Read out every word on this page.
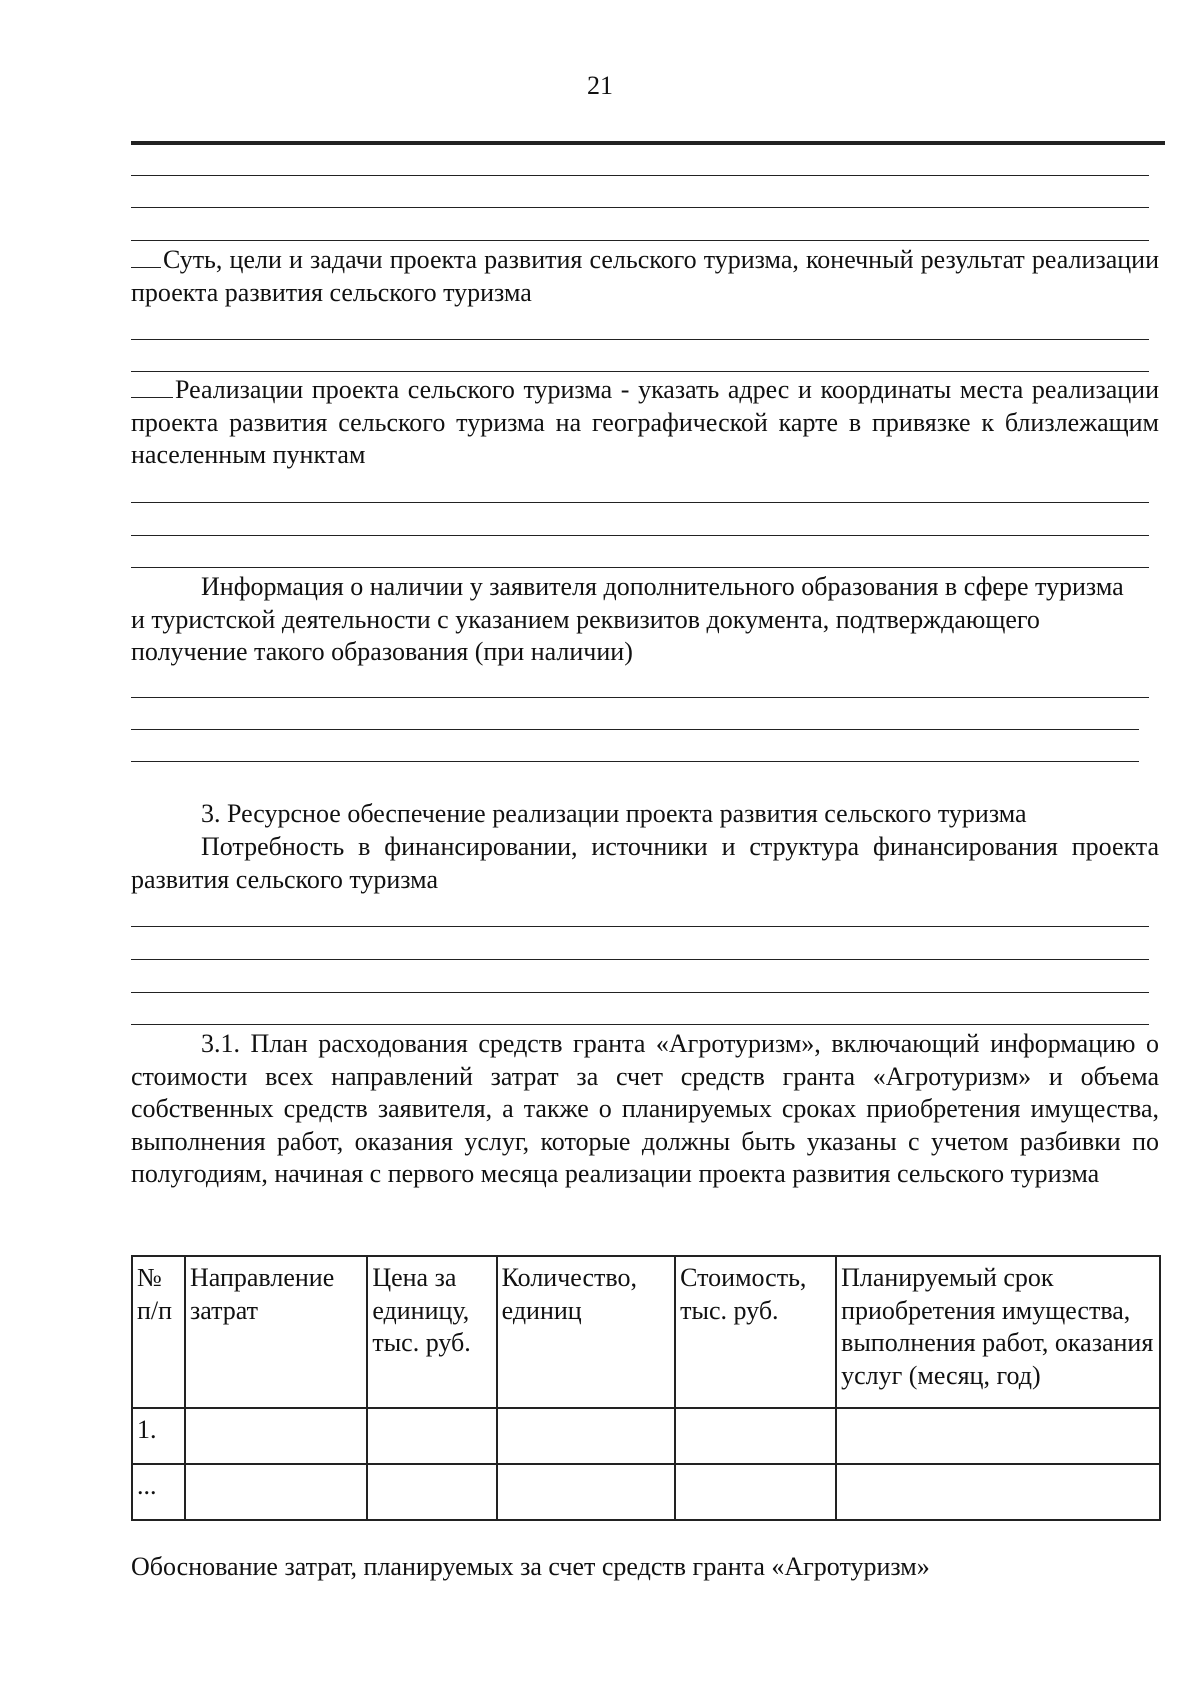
21
Суть, цели и задачи проекта развития сельского туризма, конечный результат реализации проекта развития сельского туризма
Реализации проекта сельского туризма - указать адрес и координаты места реализации проекта развития сельского туризма на географической карте в привязке к близлежащим населенным пунктам
Информация о наличии у заявителя дополнительного образования в сфере туризма и туристской деятельности с указанием реквизитов документа, подтверждающего получение такого образования (при наличии)
3. Ресурсное обеспечение реализации проекта развития сельского туризма
Потребность в финансировании, источники и структура финансирования проекта развития сельского туризма
3.1. План расходования средств гранта «Агротуризм», включающий информацию о стоимости всех направлений затрат за счет средств гранта «Агротуризм» и объема собственных средств заявителя, а также о планируемых сроках приобретения имущества, выполнения работ, оказания услуг, которые должны быть указаны с учетом разбивки по полугодиям, начиная с первого месяца реализации проекта развития сельского туризма
№ п/п	Направление затрат	Цена за единицу, тыс. руб.	Количество, единиц	Стоимость, тыс. руб.	Планируемый срок приобретения имущества, выполнения работ, оказания услуг (месяц, год)
1.					
...					
Обоснование затрат, планируемых за счет средств гранта «Агротуризм»
